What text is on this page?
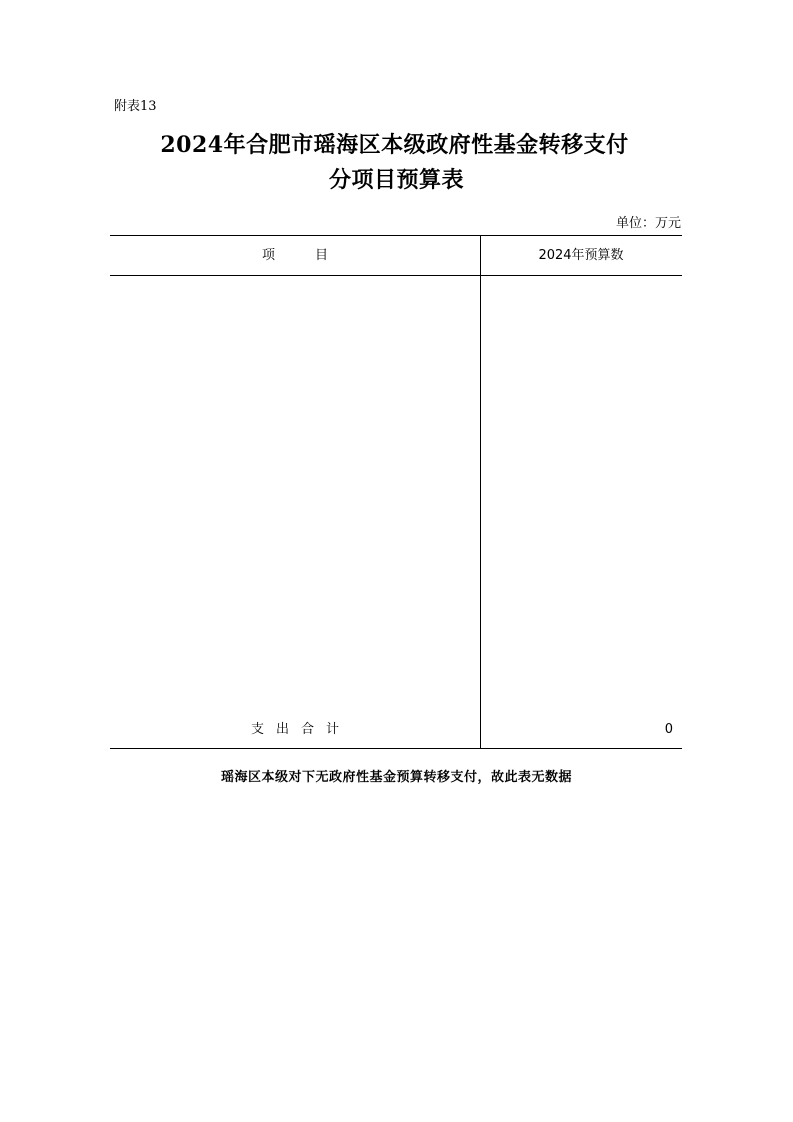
附表13
2024年合肥市瑶海区本级政府性基金转移支付
分项目预算表
单位：万元
项目	2024年预算数
支出合计	0
瑶海区本级对下无政府性基金预算转移支付，故此表无数据
